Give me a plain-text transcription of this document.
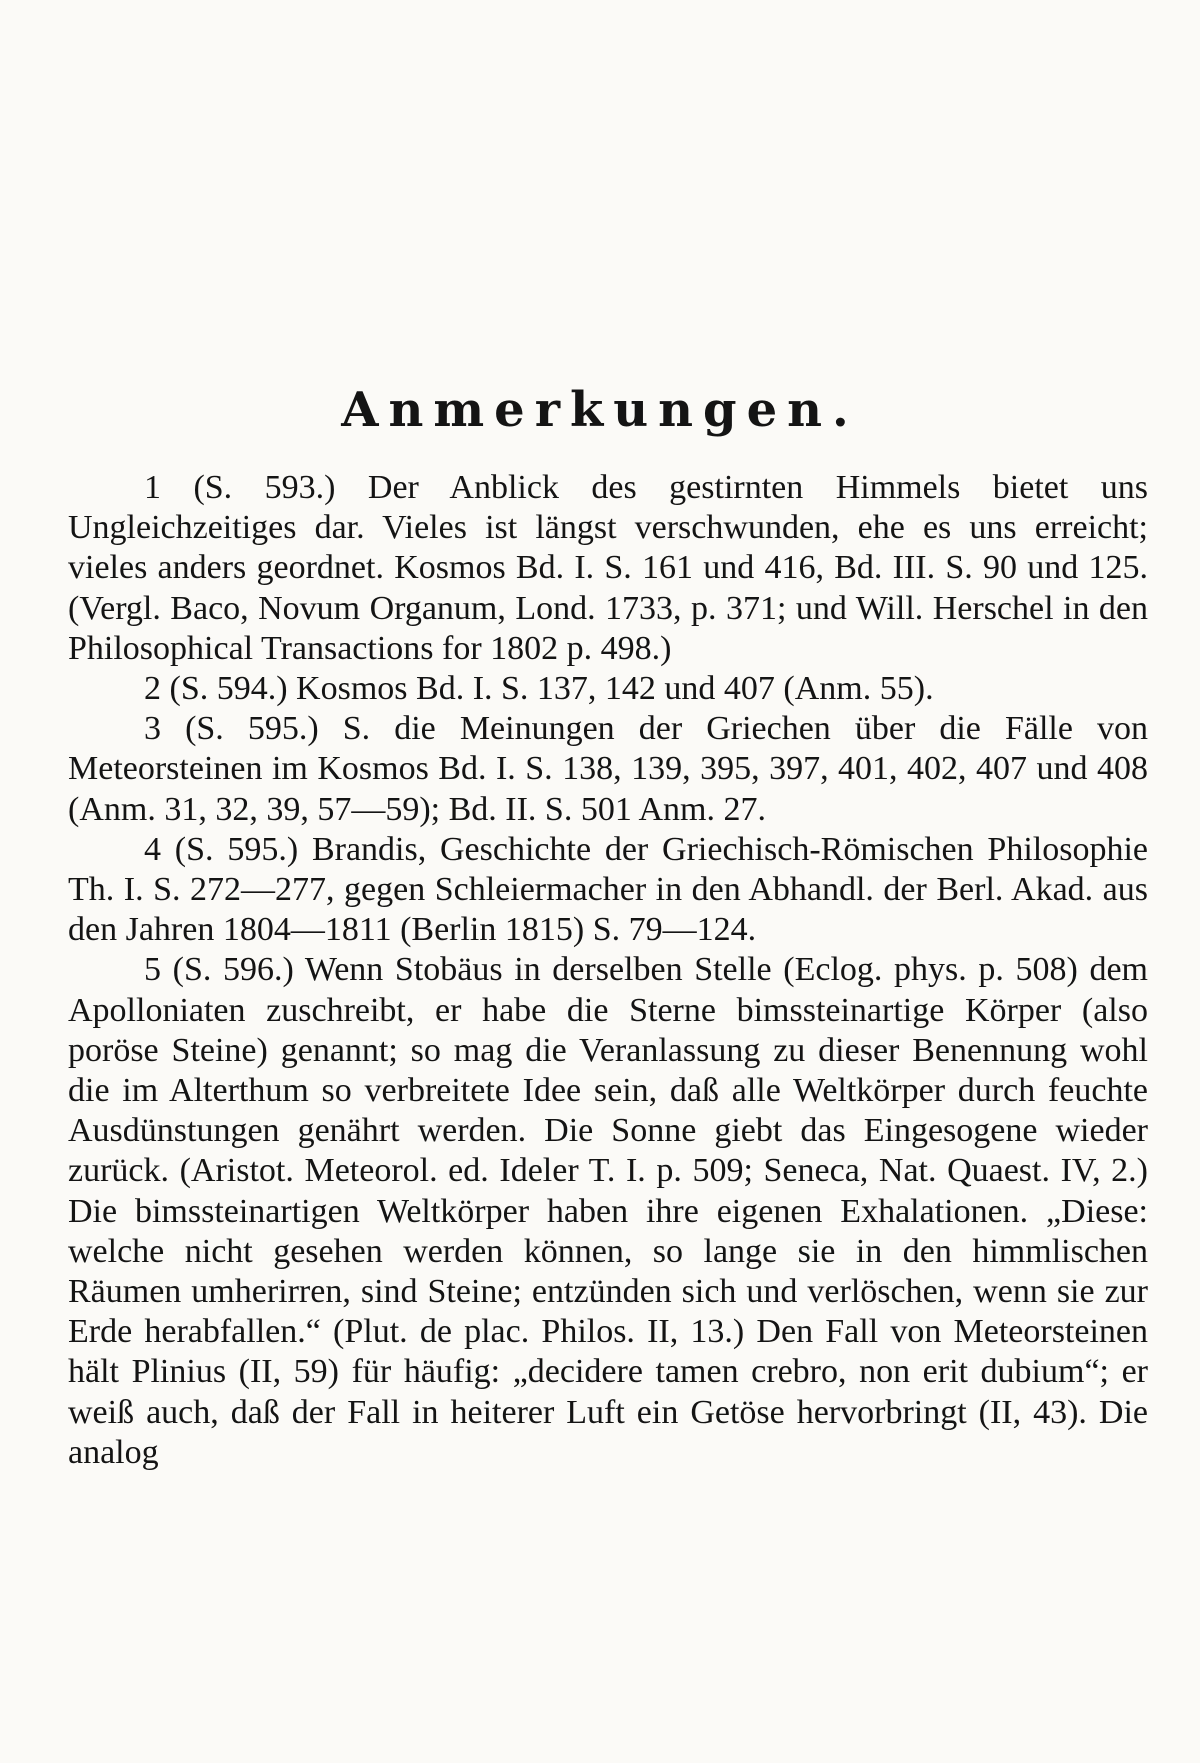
Anmerkungen.

1 (S. 593.) Der Anblick des gestirnten Himmels bietet uns Ungleichzeitiges dar. Vieles ist längst verschwunden, ehe es uns erreicht; vieles anders geordnet. Kosmos Bd. I. S. 161 und 416, Bd. III. S. 90 und 125. (Vergl. Baco, Novum Organum, Lond. 1733, p. 371; und Will. Herschel in den Philosophical Transactions for 1802 p. 498.)

2 (S. 594.) Kosmos Bd. I. S. 137, 142 und 407 (Anm. 55).

3 (S. 595.) S. die Meinungen der Griechen über die Fälle von Meteorsteinen im Kosmos Bd. I. S. 138, 139, 395, 397, 401, 402, 407 und 408 (Anm. 31, 32, 39, 57—59); Bd. II. S. 501 Anm. 27.

4 (S. 595.) Brandis, Geschichte der Griechisch-Römischen Philosophie Th. I. S. 272—277, gegen Schleiermacher in den Abhandl. der Berl. Akad. aus den Jahren 1804—1811 (Berlin 1815) S. 79—124.

5 (S. 596.) Wenn Stobäus in derselben Stelle (Eclog. phys. p. 508) dem Apolloniaten zuschreibt, er habe die Sterne bimssteinartige Körper (also poröse Steine) genannt; so mag die Veranlassung zu dieser Benennung wohl die im Alterthum so verbreitete Idee sein, daß alle Weltkörper durch feuchte Ausdünstungen genährt werden. Die Sonne giebt das Eingesogene wieder zurück. (Aristot. Meteorol. ed. Ideler T. I. p. 509; Seneca, Nat. Quaest. IV, 2.) Die bimssteinartigen Weltkörper haben ihre eigenen Exhalationen. „Diese: welche nicht gesehen werden können, so lange sie in den himmlischen Räumen umherirren, sind Steine; entzünden sich und verlöschen, wenn sie zur Erde herabfallen.“ (Plut. de plac. Philos. II, 13.) Den Fall von Meteorsteinen hält Plinius (II, 59) für häufig: „decidere tamen crebro, non erit dubium“; er weiß auch, daß der Fall in heiterer Luft ein Getöse hervorbringt (II, 43). Die analog
